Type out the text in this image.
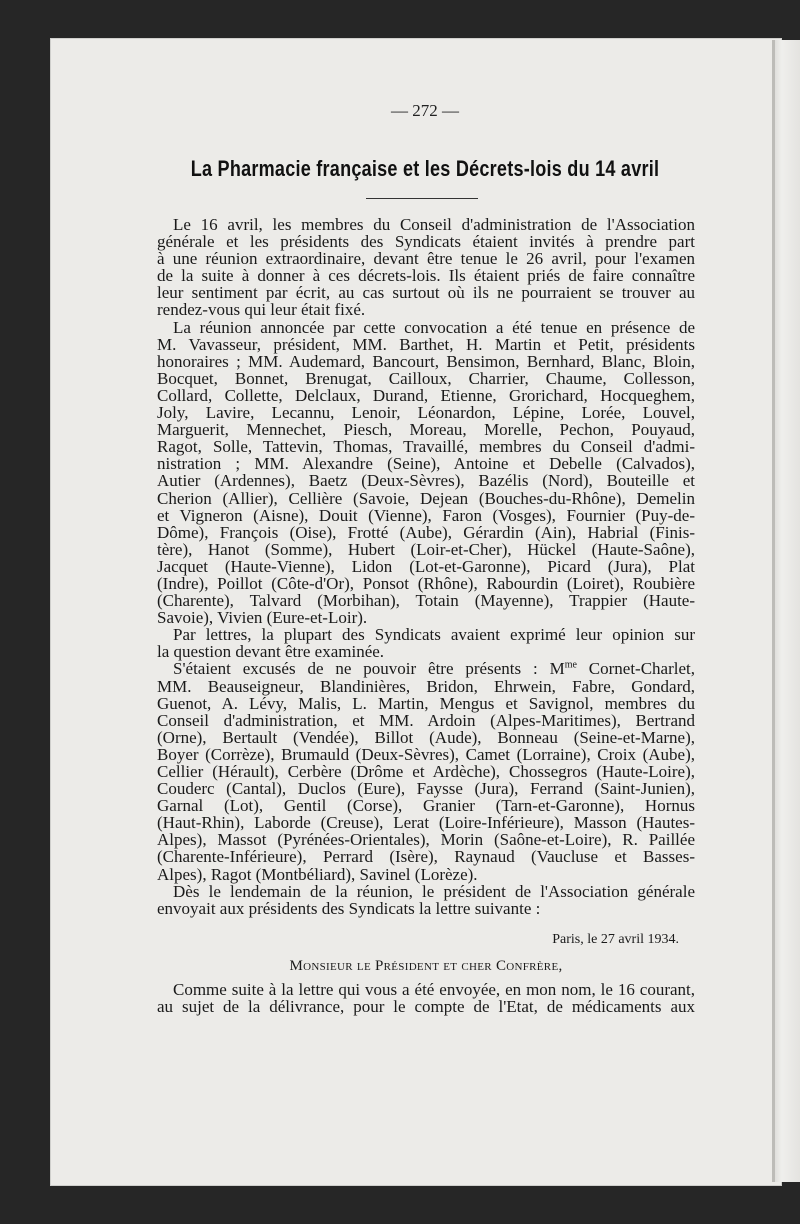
— 272 —
La Pharmacie française et les Décrets-lois du 14 avril
Le 16 avril, les membres du Conseil d'administration de l'Association
générale et les présidents des Syndicats étaient invités à prendre part
à une réunion extraordinaire, devant être tenue le 26 avril, pour l'examen
de la suite à donner à ces décrets-lois. Ils étaient priés de faire connaître
leur sentiment par écrit, au cas surtout où ils ne pourraient se trouver au
rendez-vous qui leur était fixé.
La réunion annoncée par cette convocation a été tenue en présence de
M. Vavasseur, président, MM. Barthet, H. Martin et Petit, présidents
honoraires ; MM. Audemard, Bancourt, Bensimon, Bernhard, Blanc, Bloin,
Bocquet, Bonnet, Brenugat, Cailloux, Charrier, Chaume, Collesson,
Collard, Collette, Delclaux, Durand, Etienne, Grorichard, Hocqueghem,
Joly, Lavire, Lecannu, Lenoir, Léonardon, Lépine, Lorée, Louvel,
Marguerit, Mennechet, Piesch, Moreau, Morelle, Pechon, Pouyaud,
Ragot, Solle, Tattevin, Thomas, Travaillé, membres du Conseil d'admi-
nistration ; MM. Alexandre (Seine), Antoine et Debelle (Calvados),
Autier (Ardennes), Baetz (Deux-Sèvres), Bazélis (Nord), Bouteille et
Cherion (Allier), Cellière (Savoie, Dejean (Bouches-du-Rhône), Demelin
et Vigneron (Aisne), Douit (Vienne), Faron (Vosges), Fournier (Puy-de-
Dôme), François (Oise), Frotté (Aube), Gérardin (Ain), Habrial (Finis-
tère), Hanot (Somme), Hubert (Loir-et-Cher), Hückel (Haute-Saône),
Jacquet (Haute-Vienne), Lidon (Lot-et-Garonne), Picard (Jura), Plat
(Indre), Poillot (Côte-d'Or), Ponsot (Rhône), Rabourdin (Loiret), Roubière
(Charente), Talvard (Morbihan), Totain (Mayenne), Trappier (Haute-
Savoie), Vivien (Eure-et-Loir).
Par lettres, la plupart des Syndicats avaient exprimé leur opinion sur
la question devant être examinée.
S'étaient excusés de ne pouvoir être présents : $M^{me}$ Cornet-Charlet,
MM. Beauseigneur, Blandinières, Bridon, Ehrwein, Fabre, Gondard,
Guenot, A. Lévy, Malis, L. Martin, Mengus et Savignol, membres du
Conseil d'administration, et MM. Ardoin (Alpes-Maritimes), Bertrand
(Orne), Bertault (Vendée), Billot (Aude), Bonneau (Seine-et-Marne),
Boyer (Corrèze), Brumauld (Deux-Sèvres), Camet (Lorraine), Croix (Aube),
Cellier (Hérault), Cerbère (Drôme et Ardèche), Chossegros (Haute-Loire),
Couderc (Cantal), Duclos (Eure), Faysse (Jura), Ferrand (Saint-Junien),
Garnal (Lot), Gentil (Corse), Granier (Tarn-et-Garonne), Hornus
(Haut-Rhin), Laborde (Creuse), Lerat (Loire-Inférieure), Masson (Hautes-
Alpes), Massot (Pyrénées-Orientales), Morin (Saône-et-Loire), R. Paillée
(Charente-Inférieure), Perrard (Isère), Raynaud (Vaucluse et Basses-
Alpes), Ragot (Montbéliard), Savinel (Lorèze).
Dès le lendemain de la réunion, le président de l'Association générale
envoyait aux présidents des Syndicats la lettre suivante :
Paris, le 27 avril 1934.
Monsieur le Président et cher Confrère,
Comme suite à la lettre qui vous a été envoyée, en mon nom, le 16 courant,
au sujet de la délivrance, pour le compte de l'Etat, de médicaments aux
